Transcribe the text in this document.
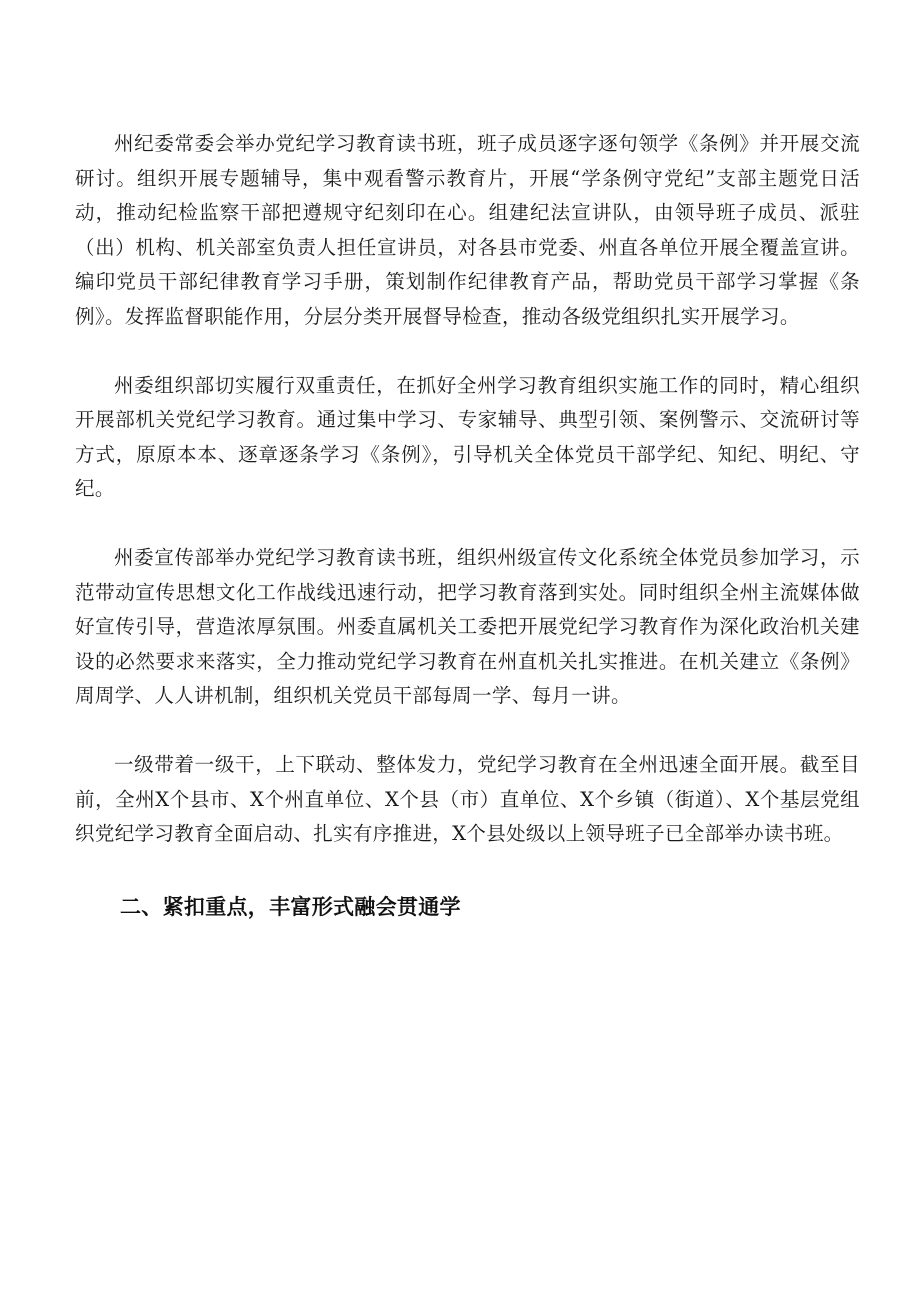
州纪委常委会举办党纪学习教育读书班，班子成员逐字逐句领学《条例》并开展交流研讨。组织开展专题辅导，集中观看警示教育片，开展“学条例守党纪”支部主题党日活动，推动纪检监察干部把遵规守纪刻印在心。组建纪法宣讲队，由领导班子成员、派驻（出）机构、机关部室负责人担任宣讲员，对各县市党委、州直各单位开展全覆盖宣讲。编印党员干部纪律教育学习手册，策划制作纪律教育产品，帮助党员干部学习掌握《条例》。发挥监督职能作用，分层分类开展督导检查，推动各级党组织扎实开展学习。

州委组织部切实履行双重责任，在抓好全州学习教育组织实施工作的同时，精心组织开展部机关党纪学习教育。通过集中学习、专家辅导、典型引领、案例警示、交流研讨等方式，原原本本、逐章逐条学习《条例》，引导机关全体党员干部学纪、知纪、明纪、守纪。

州委宣传部举办党纪学习教育读书班，组织州级宣传文化系统全体党员参加学习，示范带动宣传思想文化工作战线迅速行动，把学习教育落到实处。同时组织全州主流媒体做好宣传引导，营造浓厚氛围。州委直属机关工委把开展党纪学习教育作为深化政治机关建设的必然要求来落实，全力推动党纪学习教育在州直机关扎实推进。在机关建立《条例》周周学、人人讲机制，组织机关党员干部每周一学、每月一讲。

一级带着一级干，上下联动、整体发力，党纪学习教育在全州迅速全面开展。截至目前，全州X个县市、X个州直单位、X个县（市）直单位、X个乡镇（街道）、X个基层党组织党纪学习教育全面启动、扎实有序推进，X个县处级以上领导班子已全部举办读书班。

二、紧扣重点，丰富形式融会贯通学
